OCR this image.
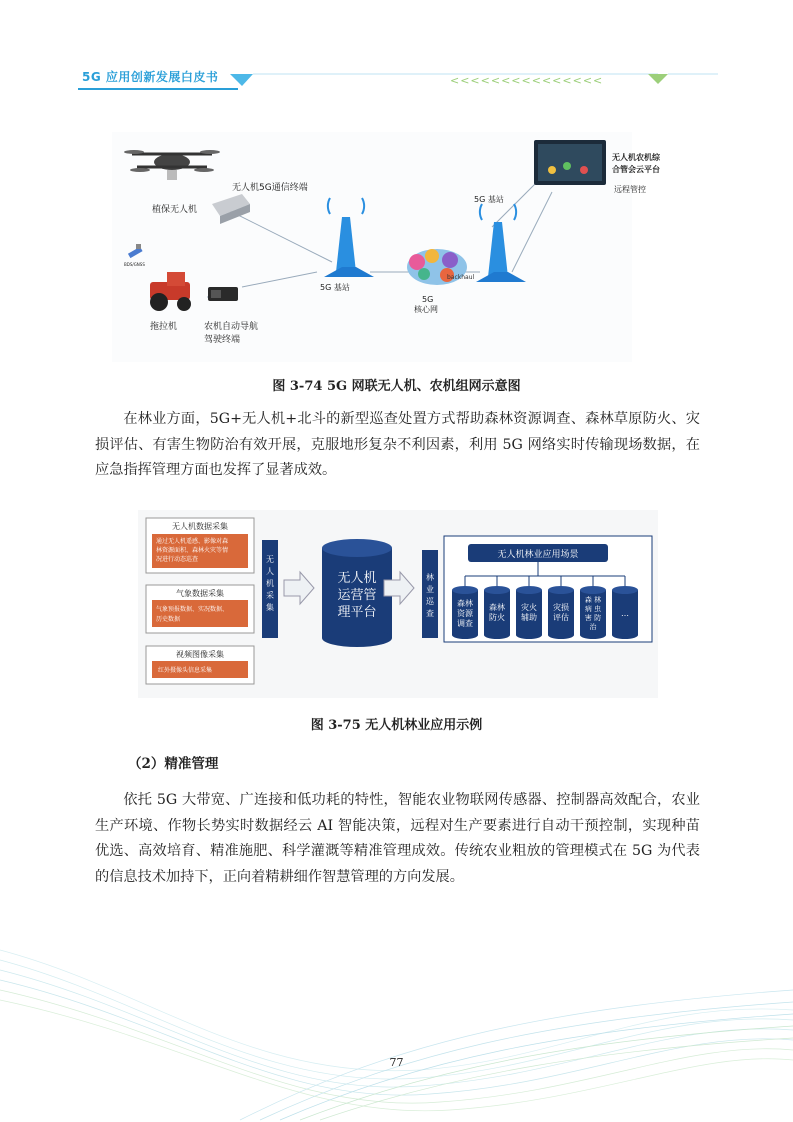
5G 应用创新发展白皮书	<<<<<<<<<<<<<<<
植保无人机
无人机5G通信终端
5G 基站
5G
核心网
backhaul
5G 基站
无人机农机综
合管会云平台
远程管控
BDS/GNSS
拖拉机	农机自动导航
驾驶终端
图 3-74 5G 网联无人机、农机组网示意图

在林业方面，5G+无人机+北斗的新型巡查处置方式帮助森林资源调查、森林草原防火、灾损评估、有害生物防治有效开展，克服地形复杂不利因素，利用 5G 网络实时传输现场数据，在应急指挥管理方面也发挥了显著成效。

无人机数据采集
通过无人机遥感、影像对森
林资源面积、森林火灾等情
况进行动态巡查
气象数据采集
气象预报数据、实况数据、
历史数据
视频图像采集
红外摄像头信息采集
无
人
机
采
集
无人机
运营管
理平台
林
业
巡
查
无人机林业应用场景
森林
资源
调查
森林
防火
灾火
辅助
灾损
评估
森 林
病 虫
害 防
治
…
图 3-75 无人机林业应用示例
（2）精准管理

依托 5G 大带宽、广连接和低功耗的特性，智能农业物联网传感器、控制器高效配合，农业生产环境、作物长势实时数据经云 AI 智能决策，远程对生产要素进行自动干预控制，实现种苗优选、高效培育、精准施肥、科学灌溉等精准管理成效。传统农业粗放的管理模式在 5G 为代表的信息技术加持下，正向着精耕细作智慧管理的方向发展。

77
